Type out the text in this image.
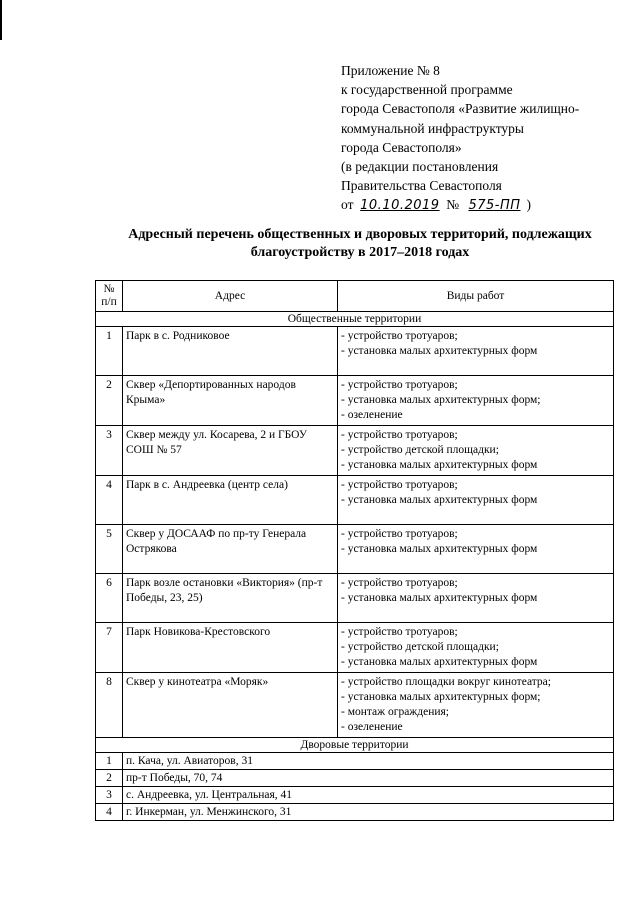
Приложение № 8
к государственной программе
города Севастополя «Развитие жилищно-
коммунальной инфраструктуры
города Севастополя»
(в редакции постановления
Правительства Севастополя
от 10.10.2019 № 575-ПП )
Адресный перечень общественных и дворовых территорий, подлежащих благоустройству в 2017–2018 годах
№ п/п	Адрес	Виды работ
Общественные территории		
1	Парк в с. Родниковое	- устройство тротуаров;
- установка малых архитектурных форм

2	Сквер «Депортированных народов Крыма»	- устройство тротуаров;
- установка малых архитектурных форм;
- озеленение

3	Сквер между ул. Косарева, 2 и ГБОУ СОШ № 57	- устройство тротуаров;
- устройство детской площадки;
- установка малых архитектурных форм

4	Парк в с. Андреевка (центр села)	- устройство тротуаров;
- установка малых архитектурных форм

5	Сквер у ДОСААФ по пр-ту Генерала Острякова	- устройство тротуаров;
- установка малых архитектурных форм

6	Парк возле остановки «Виктория» (пр-т Победы, 23, 25)	- устройство тротуаров;
- установка малых архитектурных форм

7	Парк Новикова-Крестовского	- устройство тротуаров;
- устройство детской площадки;
- установка малых архитектурных форм

8	Сквер у кинотеатра «Моряк»	- устройство площадки вокруг кинотеатра;
- установка малых архитектурных форм;
- монтаж ограждения;
- озеленение

Дворовые территории		
1	п. Кача, ул. Авиаторов, 31	
2	пр-т Победы, 70, 74	
3	с. Андреевка, ул. Центральная, 41	
4	г. Инкерман, ул. Менжинского, 31	
